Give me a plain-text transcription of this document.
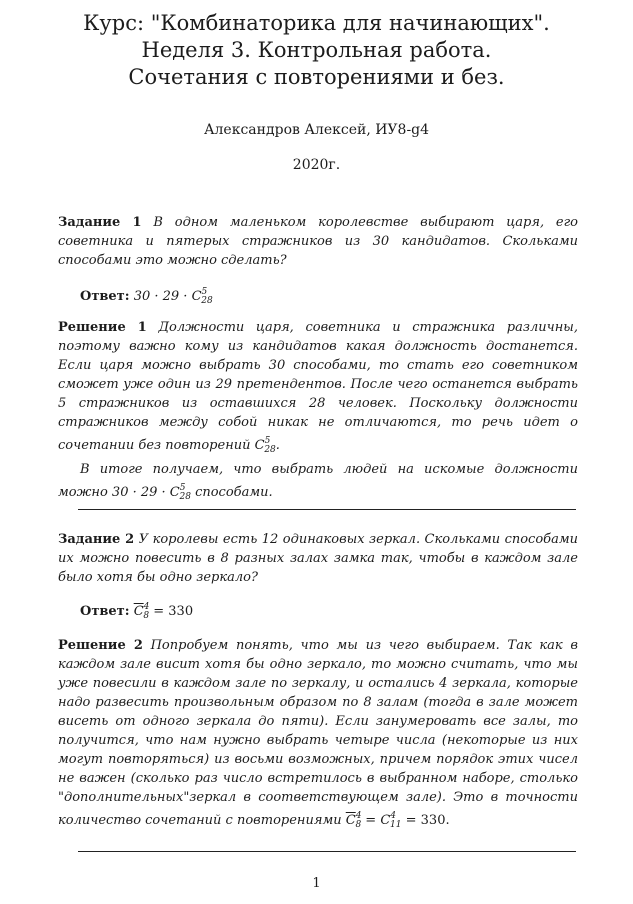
Курс: "Комбинаторика для начинающих".
Неделя 3. Контрольная работа.
Сочетания с повторениями и без.
Александров Алексей, ИУ8-g4
2020г.
Задание 1 В одном маленьком королевстве выбирают царя, его советника и пятерых стражников из 30 кандидатов. Скольками способами это можно сделать?
Ответ: $30 \cdot 29 \cdot C^5_{28}$

Решение 1 Должности царя, советника и стражника различны, поэтому важно кому из кандидатов какая должность достанется. Если царя можно выбрать 30 способами, то стать его советником сможет уже один из 29 претендентов. После чего останется выбрать 5 стражников из оставшихся 28 человек. Поскольку должности стражников между собой никак не отличаются, то речь идет о сочетании без повторений $C^5_{28}$.

В итоге получаем, что выбрать людей на искомые должности можно $30 \cdot 29 \cdot C^5_{28}$ способами.

Задание 2 У королевы есть 12 одинаковых зеркал. Скольками способами их можно повесить в 8 разных залах замка так, чтобы в каждом зале было хотя бы одно зеркало?
Ответ: $\overline{C}^4_8 = 330$
Решение 2 Попробуем понять, что мы из чего выбираем. Так как в каждом зале висит хотя бы одно зеркало, то можно считать, что мы уже повесили в каждом зале по зеркалу, и остались 4 зеркала, которые надо развесить произвольным образом по 8 залам (тогда в зале может висеть от одного зеркала до пяти). Если занумеровать все залы, то получится, что нам нужно выбрать четыре числа (некоторые из них могут повторяться) из восьми возможных, причем порядок этих чисел не важен (сколько раз число встретилось в выбранном наборе, столько "дополнительных"зеркал в соответствующем зале). Это в точности количество сочетаний с повторениями $\overline{C}^4_8 = C^4_{11} = 330$.
1
